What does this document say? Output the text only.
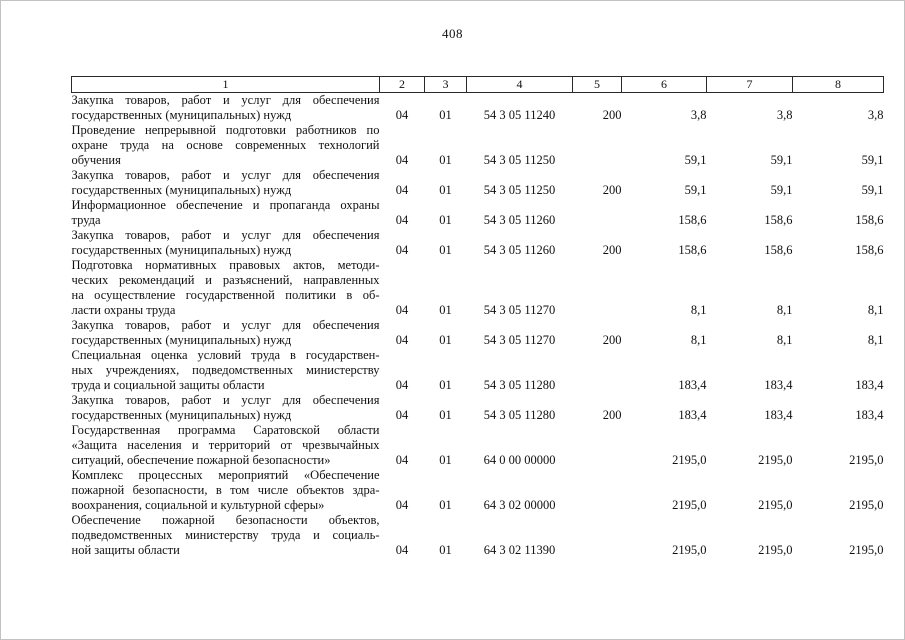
408
1	2	3	4	5	6	7	8

Закупка товаров, работ и услуг для обеспечения
государственных (муниципальных) нужд	04	01	54 3 05 11240	200	3,8	3,8	3,8

Проведение непрерывной подготовки работников по
охране труда на основе современных технологий
обучения	04	01	54 3 05 11250		59,1	59,1	59,1

Закупка товаров, работ и услуг для обеспечения
государственных (муниципальных) нужд	04	01	54 3 05 11250	200	59,1	59,1	59,1

Информационное обеспечение и пропаганда охраны
труда	04	01	54 3 05 11260		158,6	158,6	158,6

Закупка товаров, работ и услуг для обеспечения
государственных (муниципальных) нужд	04	01	54 3 05 11260	200	158,6	158,6	158,6

Подготовка нормативных правовых актов, методи-
ческих рекомендаций и разъяснений, направленных
на осуществление государственной политики в об-
ласти охраны труда	04	01	54 3 05 11270		8,1	8,1	8,1

Закупка товаров, работ и услуг для обеспечения
государственных (муниципальных) нужд	04	01	54 3 05 11270	200	8,1	8,1	8,1

Специальная оценка условий труда в государствен-
ных учреждениях, подведомственных министерству
труда и социальной защиты области	04	01	54 3 05 11280		183,4	183,4	183,4

Закупка товаров, работ и услуг для обеспечения
государственных (муниципальных) нужд	04	01	54 3 05 11280	200	183,4	183,4	183,4

Государственная программа Саратовской области
«Защита населения и территорий от чрезвычайных
ситуаций, обеспечение пожарной безопасности»	04	01	64 0 00 00000		2195,0	2195,0	2195,0

Комплекс процессных мероприятий «Обеспечение
пожарной безопасности, в том числе объектов здра-
воохранения, социальной и культурной сферы»	04	01	64 3 02 00000		2195,0	2195,0	2195,0

Обеспечение пожарной безопасности объектов,
подведомственных министерству труда и социаль-
ной защиты области	04	01	64 3 02 11390		2195,0	2195,0	2195,0
